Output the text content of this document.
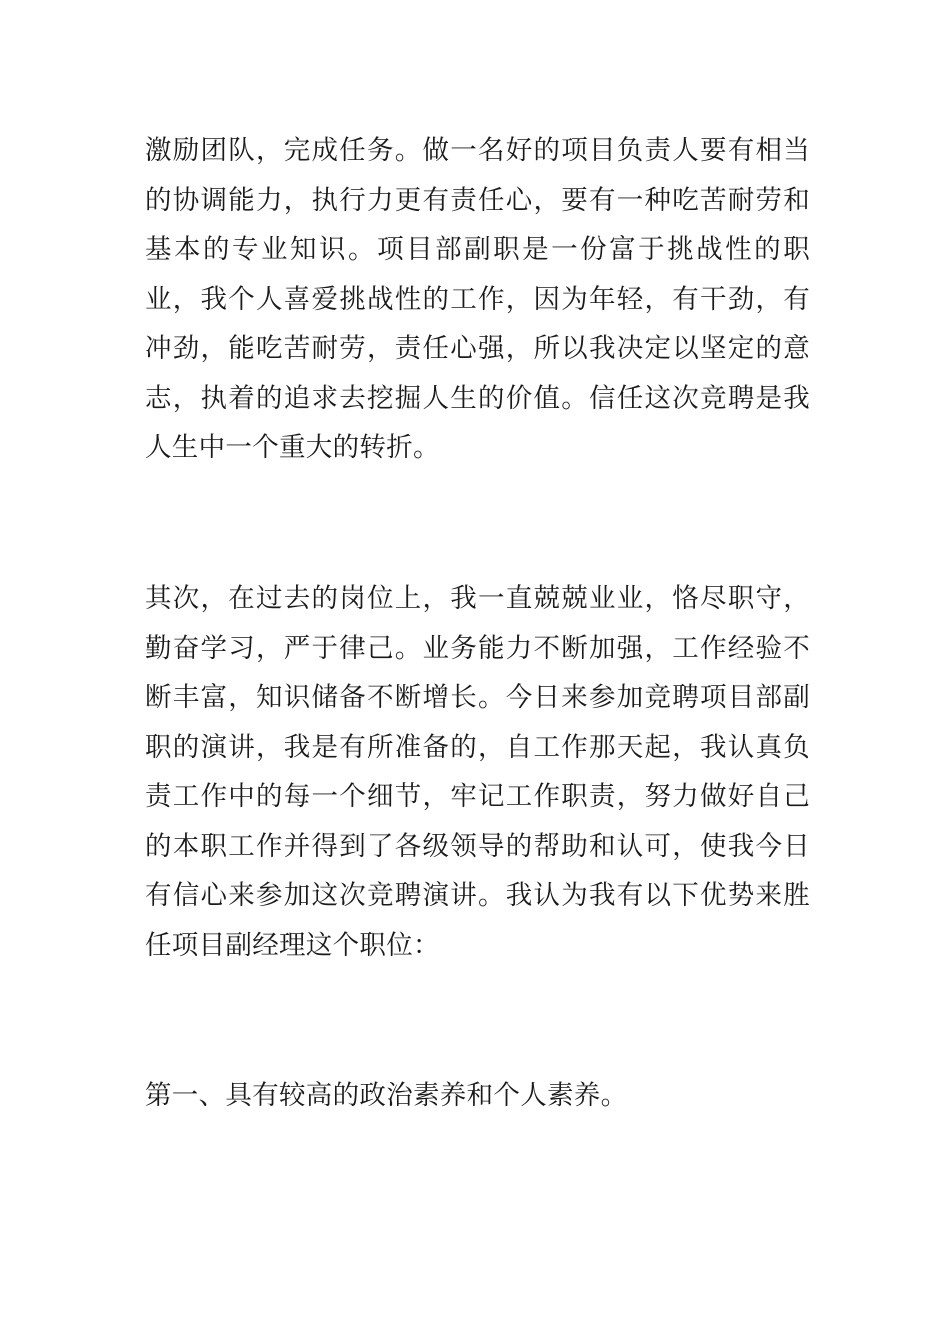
激励团队，完成任务。做一名好的项目负责人要有相当的协调能力，执行力更有责任心，要有一种吃苦耐劳和基本的专业知识。项目部副职是一份富于挑战性的职业，我个人喜爱挑战性的工作，因为年轻，有干劲，有冲劲，能吃苦耐劳，责任心强，所以我决定以坚定的意志，执着的追求去挖掘人生的价值。信任这次竞聘是我人生中一个重大的转折。

其次，在过去的岗位上，我一直兢兢业业，恪尽职守，勤奋学习，严于律己。业务能力不断加强，工作经验不断丰富，知识储备不断增长。今日来参加竞聘项目部副职的演讲，我是有所准备的，自工作那天起，我认真负责工作中的每一个细节，牢记工作职责，努力做好自己的本职工作并得到了各级领导的帮助和认可，使我今日有信心来参加这次竞聘演讲。我认为我有以下优势来胜任项目副经理这个职位：

第一、具有较高的政治素养和个人素养。
